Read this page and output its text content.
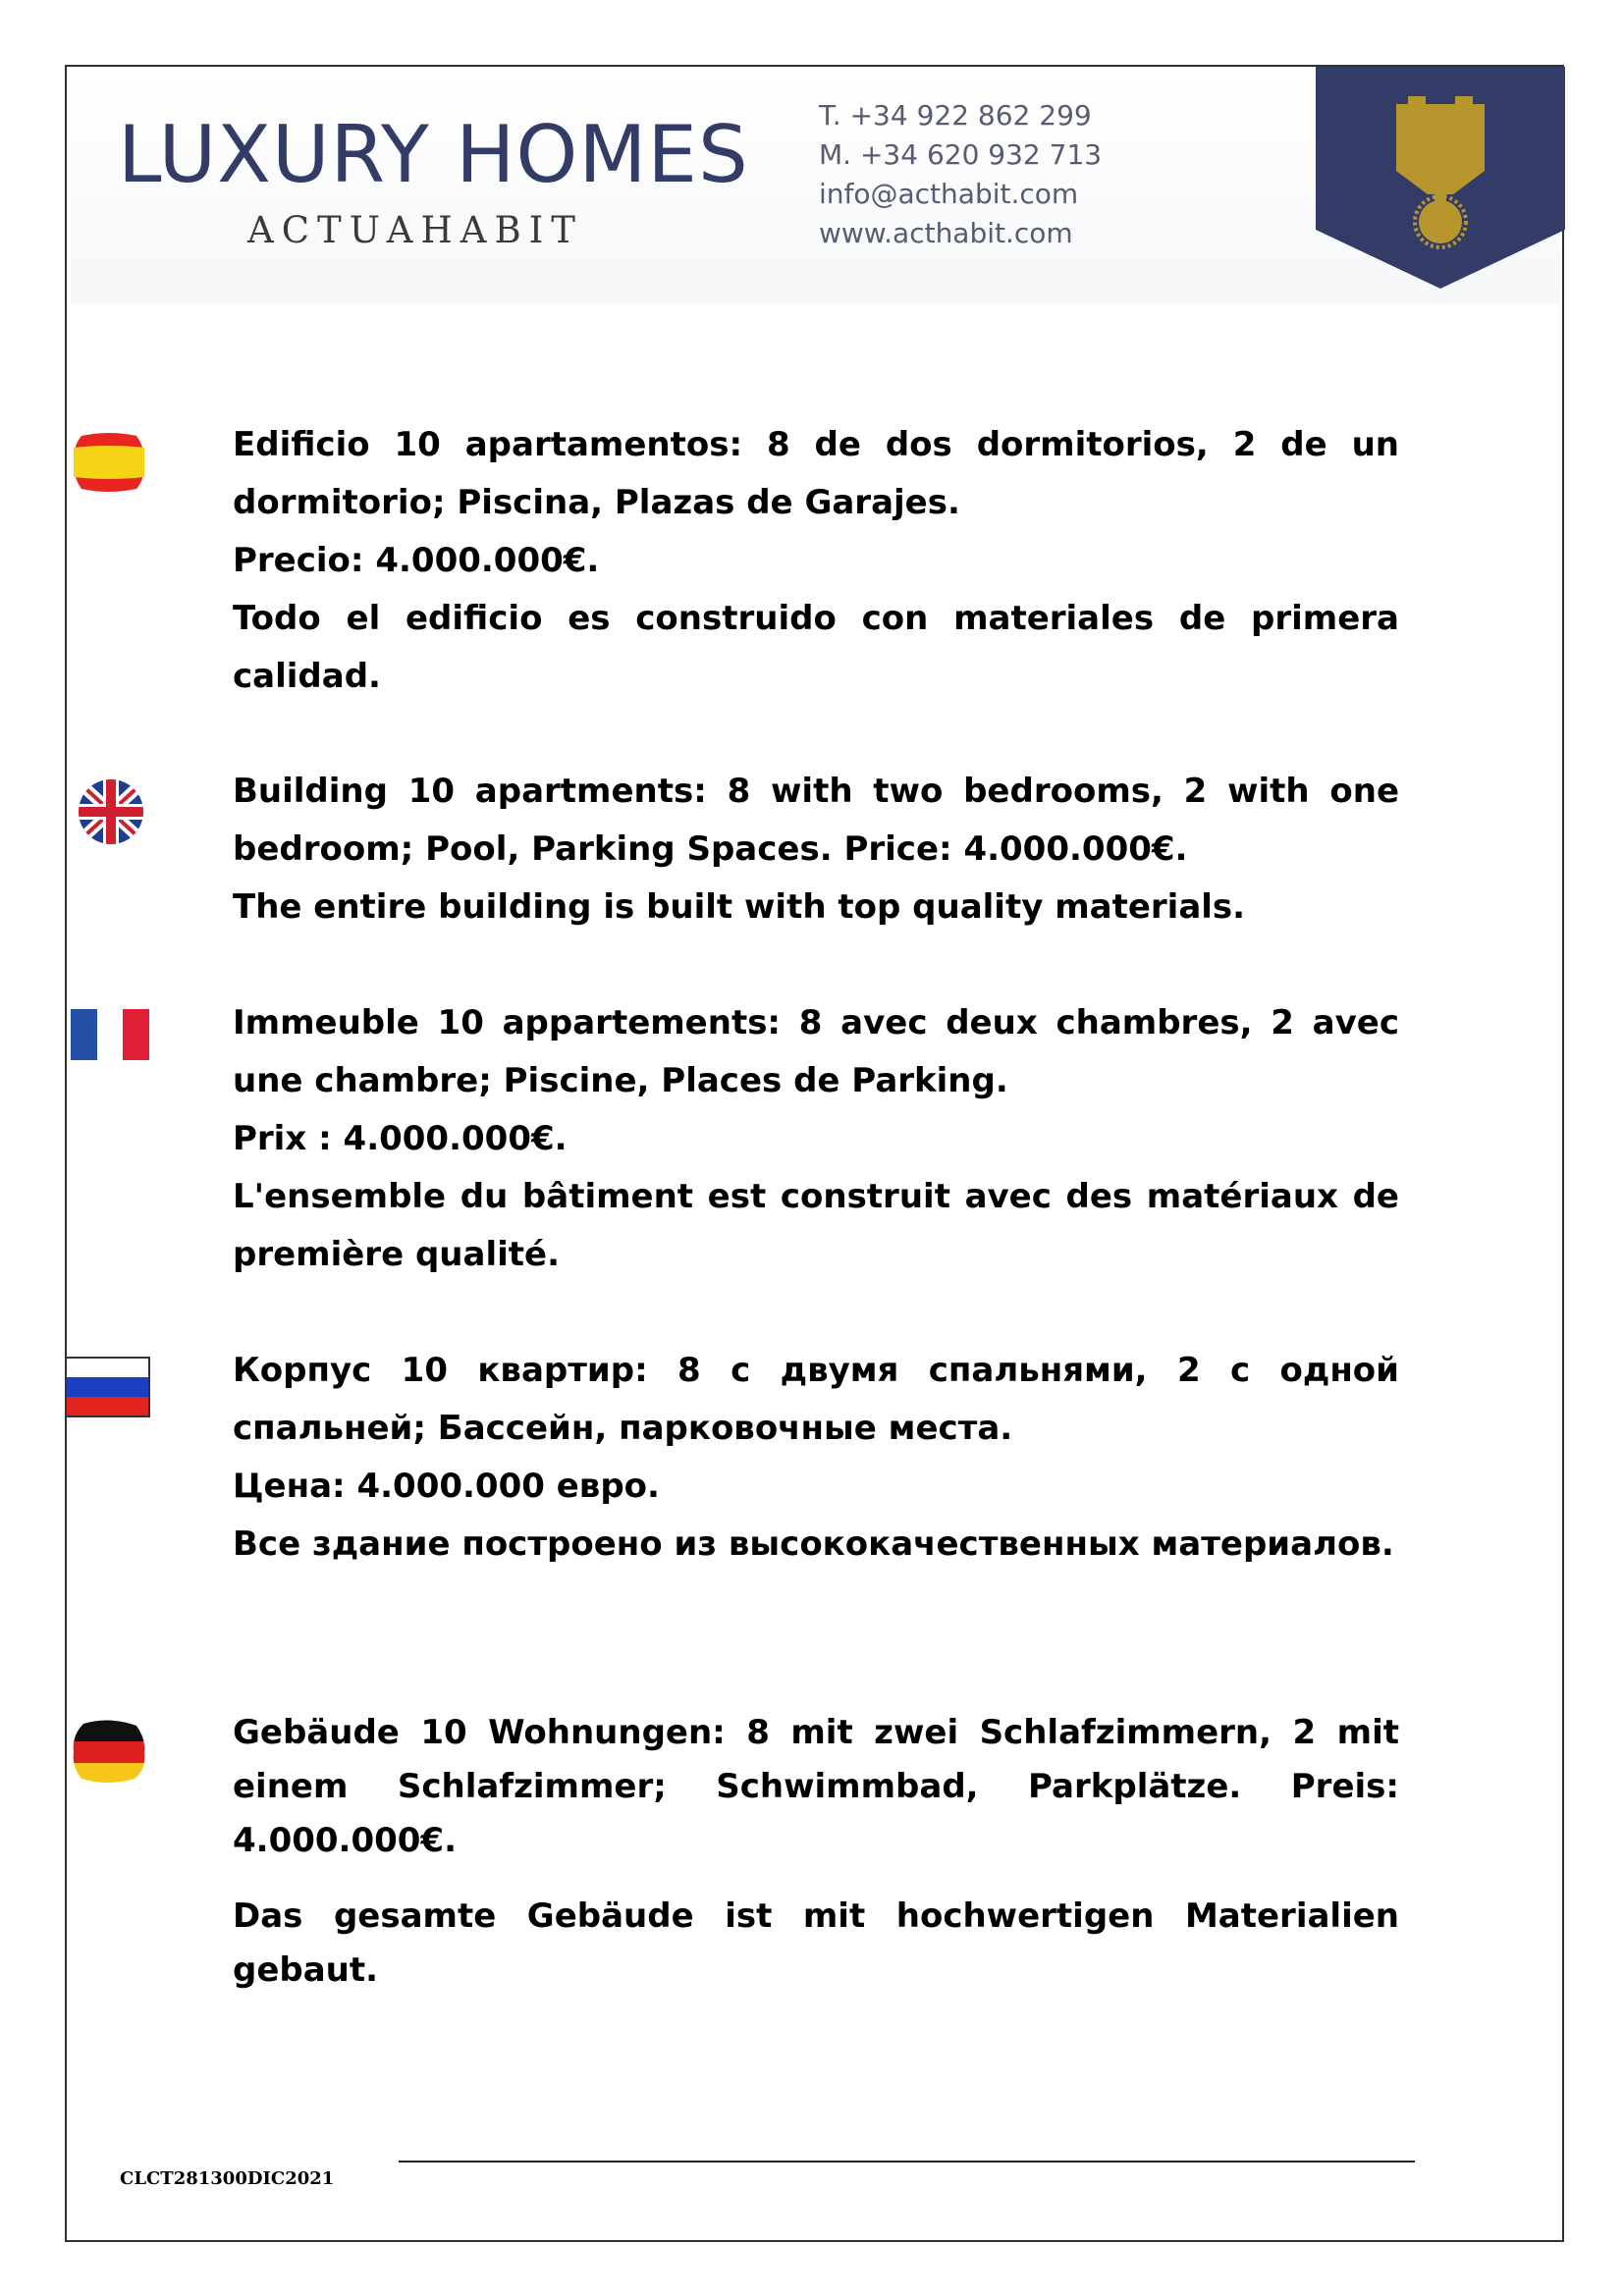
LUXURY HOMES
ACTUAHABIT
T. +34 922 862 299
M. +34 620 932 713
info@acthabit.com
www.acthabit.com

Edificio 10 apartamentos: 8 de dos dormitorios, 2 de un dormitorio; Piscina, Plazas de Garajes.

Precio: 4.000.000€.

Todo el edificio es construido con materiales de primera calidad.

Building 10 apartments: 8 with two bedrooms, 2 with one bedroom; Pool, Parking Spaces. Price: 4.000.000€.

The entire building is built with top quality materials.

Immeuble 10 appartements: 8 avec deux chambres, 2 avec une chambre; Piscine, Places de Parking.

Prix : 4.000.000€.

L'ensemble du bâtiment est construit avec des matériaux de première qualité.

Корпус 10 квартир: 8 с двумя спальнями, 2 с одной спальней; Бассейн, парковочные места.

Цена: 4.000.000 евро.

Все здание построено из высококачественных материалов.

Gebäude 10 Wohnungen: 8 mit zwei Schlafzimmern, 2 mit einem Schlafzimmer; Schwimmbad, Parkplätze. Preis: 4.000.000€.

Das gesamte Gebäude ist mit hochwertigen Materialien gebaut.

CLCT281300DIC2021
